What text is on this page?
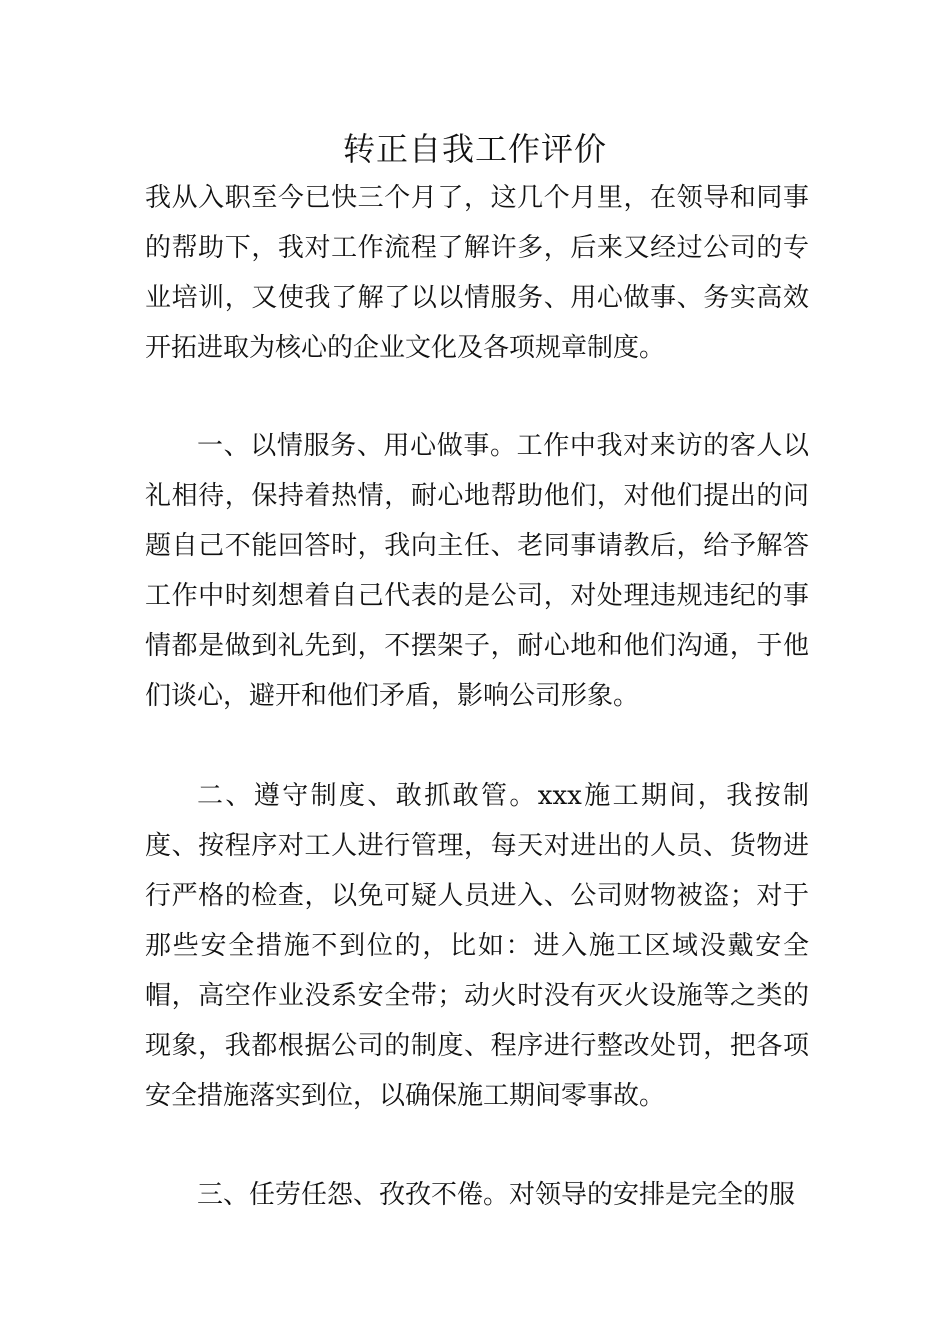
转正自我工作评价

我从入职至今已快三个月了，这几个月里，在领导和同事的帮助下，我对工作流程了解许多，后来又经过公司的专业培训，又使我了解了以以情服务、用心做事、务实高效开拓进取为核心的企业文化及各项规章制度。

一、以情服务、用心做事。工作中我对来访的客人以礼相待，保持着热情，耐心地帮助他们，对他们提出的问题自己不能回答时，我向主任、老同事请教后，给予解答工作中时刻想着自己代表的是公司，对处理违规违纪的事情都是做到礼先到，不摆架子，耐心地和他们沟通，于他们谈心，避开和他们矛盾，影响公司形象。

二、遵守制度、敢抓敢管。xxx施工期间，我按制度、按程序对工人进行管理，每天对进出的人员、货物进行严格的检查，以免可疑人员进入、公司财物被盗；对于那些安全措施不到位的，比如：进入施工区域没戴安全帽，高空作业没系安全带；动火时没有灭火设施等之类的现象，我都根据公司的制度、程序进行整改处罚，把各项安全措施落实到位，以确保施工期间零事故。

三、任劳任怨、孜孜不倦。对领导的安排是完全的服
